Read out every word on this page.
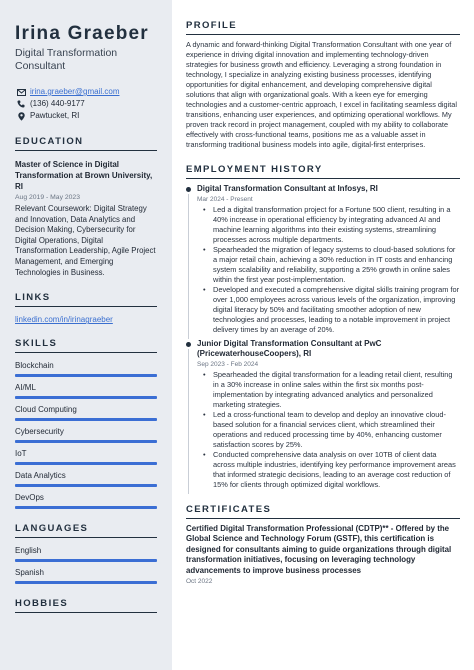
Irina Graeber
Digital Transformation Consultant
irina.graeber@gmail.com
(136) 440-9177
Pawtucket, RI
EDUCATION
Master of Science in Digital Transformation at Brown University, RI
Aug 2019 - May 2023
Relevant Coursework: Digital Strategy and Innovation, Data Analytics and Decision Making, Cybersecurity for Digital Operations, Digital Transformation Leadership, Agile Project Management, and Emerging Technologies in Business.
LINKS
linkedin.com/in/irinagraeber
SKILLS
Blockchain
AI/ML
Cloud Computing
Cybersecurity
IoT
Data Analytics
DevOps
LANGUAGES
English
Spanish
HOBBIES
PROFILE
A dynamic and forward-thinking Digital Transformation Consultant with one year of experience in driving digital innovation and implementing technology-driven strategies for business growth and efficiency. Leveraging a strong foundation in technology, I specialize in analyzing existing business processes, identifying opportunities for digital enhancement, and developing comprehensive digital solutions that align with organizational goals. With a keen eye for emerging technologies and a customer-centric approach, I excel in facilitating seamless digital transitions, enhancing user experiences, and optimizing operational workflows. My proven track record in project management, coupled with my ability to collaborate effectively with cross-functional teams, positions me as a valuable asset in transforming traditional business models into agile, digital-first enterprises.
EMPLOYMENT HISTORY
Digital Transformation Consultant at Infosys, RI
Mar 2024 - Present
• Led a digital transformation project for a Fortune 500 client, resulting in a 40% increase in operational efficiency by integrating advanced AI and machine learning algorithms into their existing systems, streamlining processes across multiple departments.
• Spearheaded the migration of legacy systems to cloud-based solutions for a major retail chain, achieving a 30% reduction in IT costs and enhancing system scalability and reliability, supporting a 25% growth in online sales within the first year post-implementation.
• Developed and executed a comprehensive digital skills training program for over 1,000 employees across various levels of the organization, improving digital literacy by 50% and facilitating smoother adoption of new technologies and processes, leading to a notable improvement in project delivery times by an average of 20%.
Junior Digital Transformation Consultant at PwC (PricewaterhouseCoopers), RI
Sep 2023 - Feb 2024
• Spearheaded the digital transformation for a leading retail client, resulting in a 30% increase in online sales within the first six months post-implementation by integrating advanced analytics and personalized marketing strategies.
• Led a cross-functional team to develop and deploy an innovative cloud-based solution for a financial services client, which streamlined their operations and reduced processing time by 40%, enhancing customer satisfaction scores by 25%.
• Conducted comprehensive data analysis on over 10TB of client data across multiple industries, identifying key performance improvement areas that informed strategic decisions, leading to an average cost reduction of 15% for clients through optimized digital workflows.
CERTIFICATES
Certified Digital Transformation Professional (CDTP)** - Offered by the Global Science and Technology Forum (GSTF), this certification is designed for consultants aiming to guide organizations through digital transformation initiatives, focusing on leveraging technology advancements to improve business processes
Oct 2022
